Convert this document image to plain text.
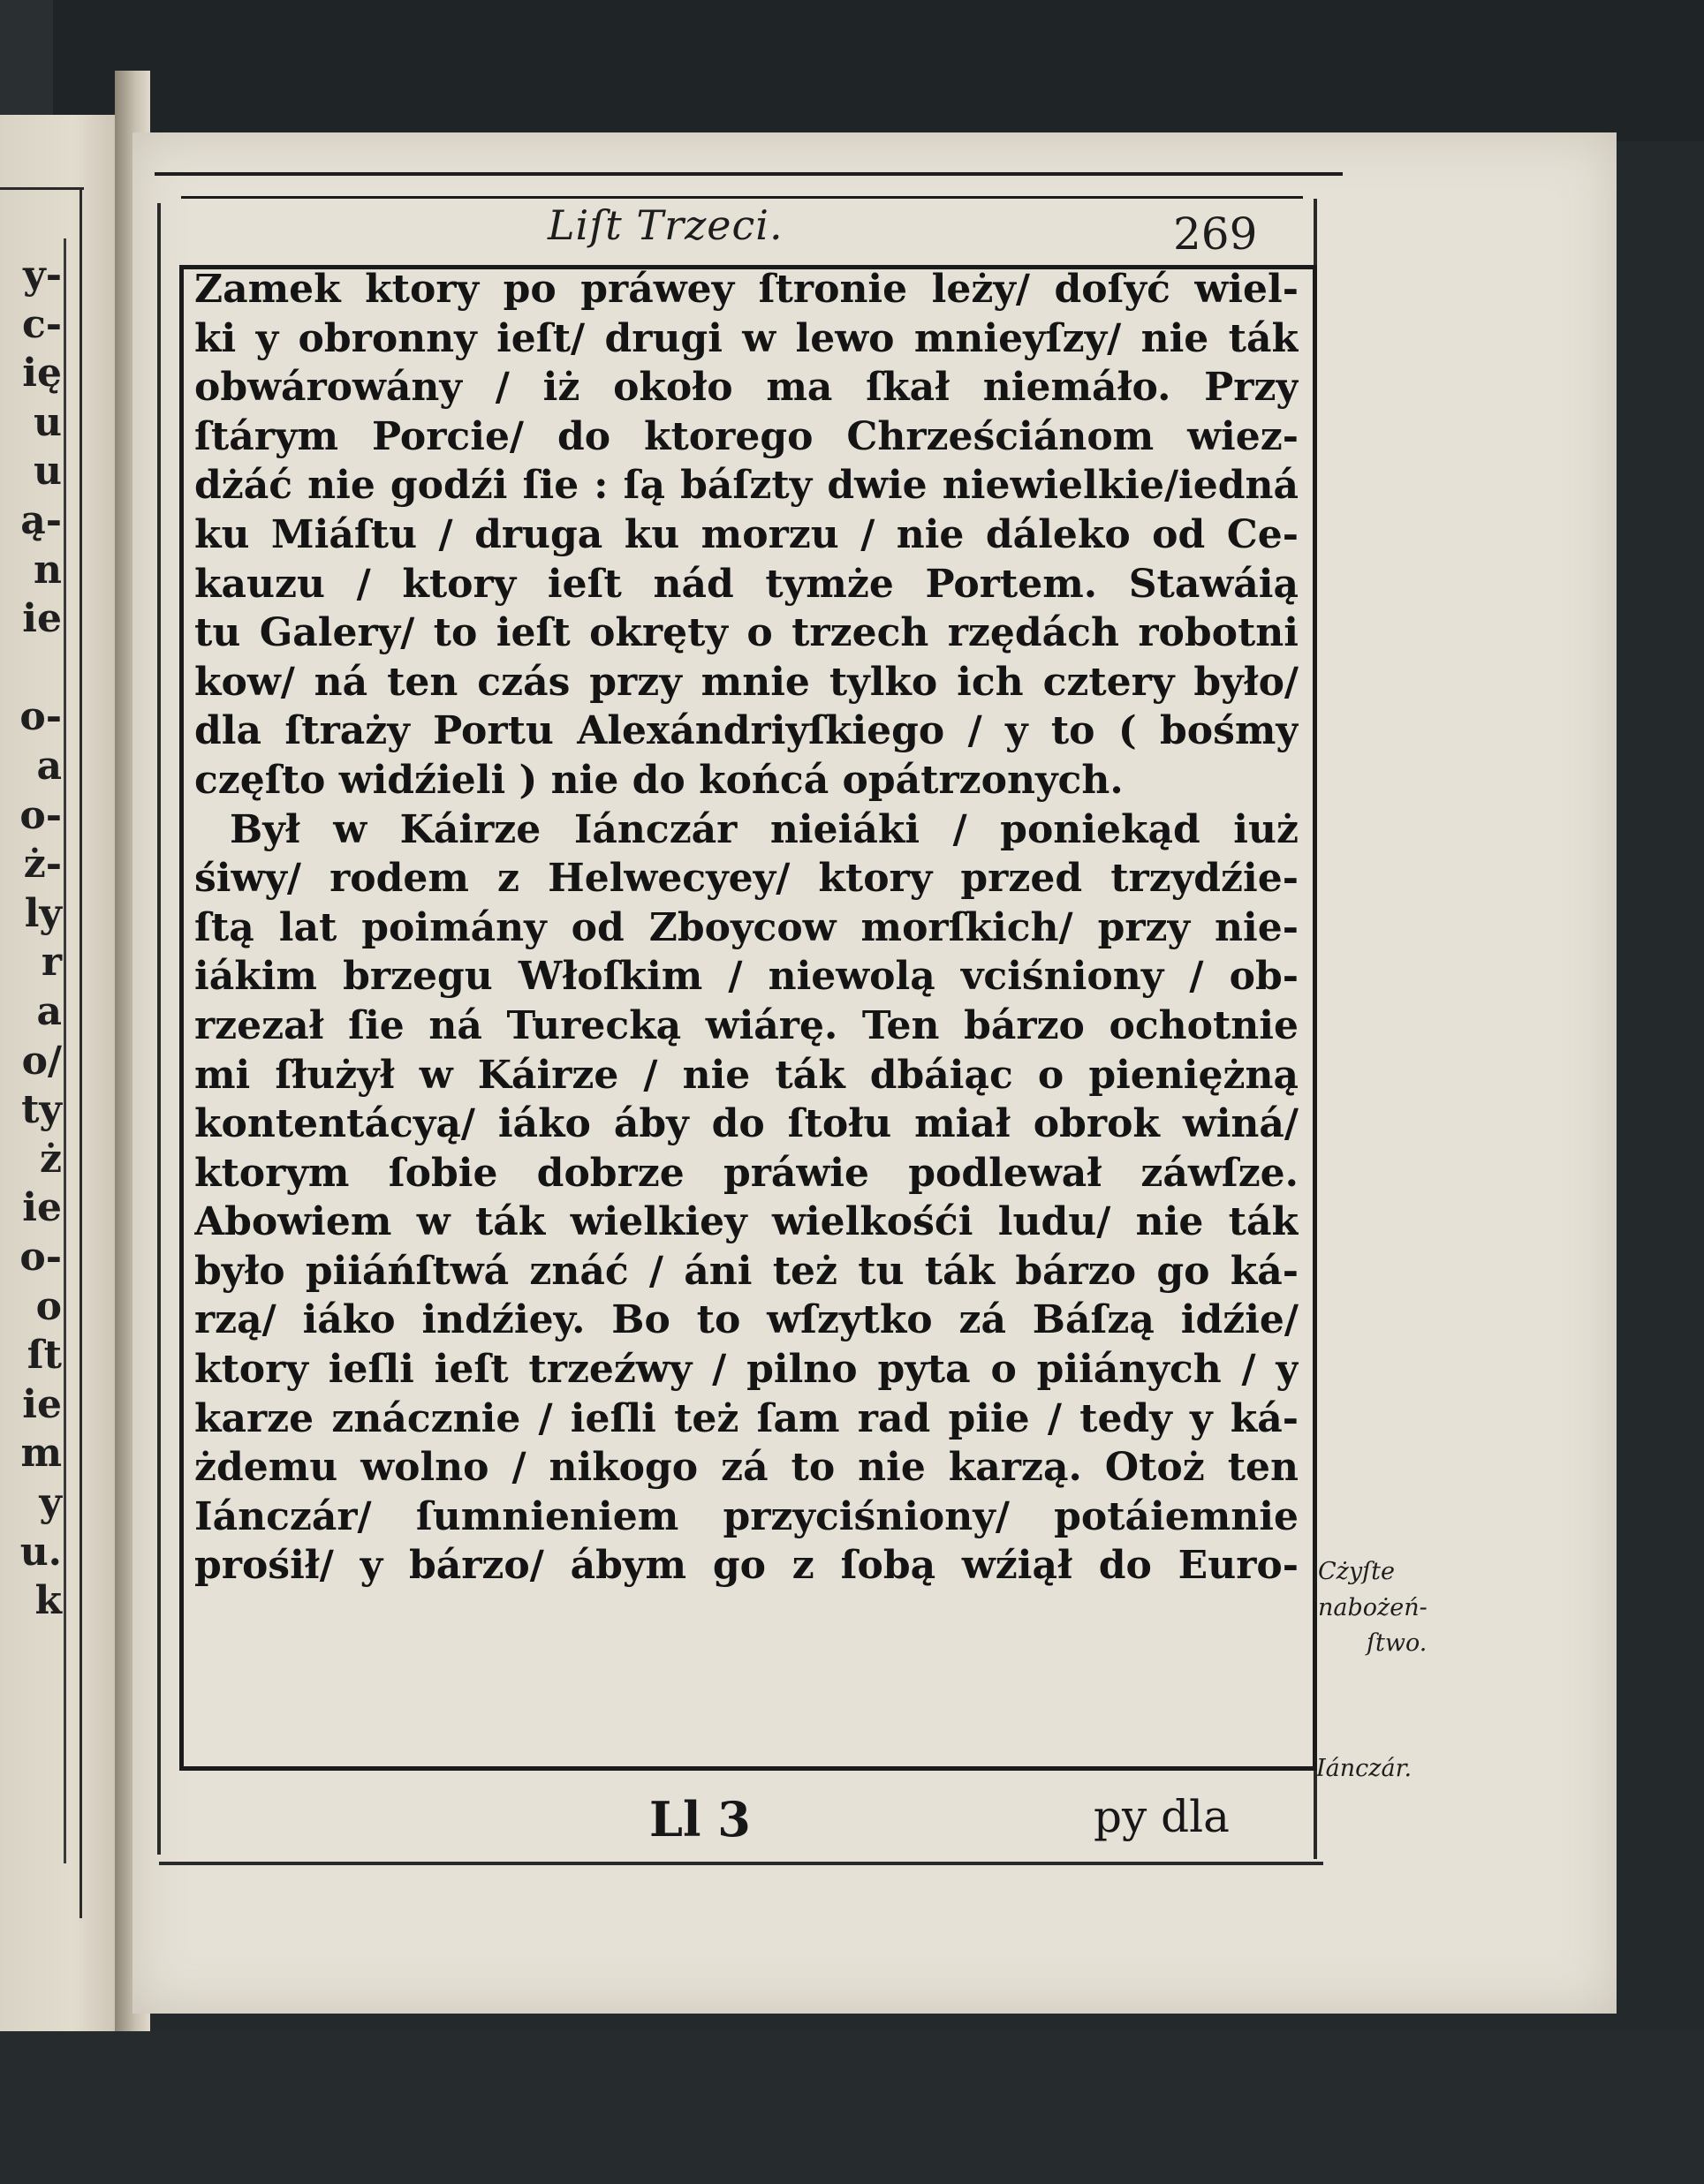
y-
c-
ię
u
u
ą-
n
ie
o-
a
o-
ż-
ly
r
a
o/
ty
ż
ie
o-
o
ſt
ie
m
y
u.
k
Liſt Trzeci.	269
Zamek ktory po práwey ſtronie leży/ doſyć wiel-
ki y obronny ieſt/ drugi w lewo mnieyſzy/ nie ták
obwárowány / iż około ma ſkał niemáło. Przy
ſtárym Porcie/ do ktorego Chrześciánom wiez-
dżáć nie godźi ſie : ſą báſzty dwie niewielkie/iedná
ku Miáſtu / druga ku morzu / nie dáleko od Ce-
kauzu / ktory ieſt nád tymże Portem. Stawáią
tu Galery/ to ieſt okręty o trzech rzędách robotni
kow/ ná ten czás przy mnie tylko ich cztery było/
dla ſtraży Portu Alexándriyſkiego / y to ( bośmy
częſto widźieli ) nie do końcá opátrzonych.
Był w Káirze Iánczár nieiáki / poniekąd iuż
śiwy/ rodem z Helwecyey/ ktory przed trzydźie-
ſtą lat poimány od Zboycow morſkich/ przy nie-
iákim brzegu Włoſkim / niewolą vciśniony / ob-
rzezał ſie ná Turecką wiárę. Ten bárzo ochotnie
mi ſłużył w Káirze / nie ták dbáiąc o pieniężną
kontentácyą/ iáko áby do ſtołu miał obrok winá/
ktorym ſobie dobrze práwie podlewał záwſze.
Abowiem w ták wielkiey wielkośći ludu/ nie ták
było piiáńſtwá znáć / áni też tu ták bárzo go ká-
rzą/ iáko indźiey. Bo to wſzytko zá Báſzą idźie/
ktory ieſli ieſt trzeźwy / pilno pyta o piiánych / y
karze znácznie / ieſli też ſam rad piie / tedy y ká-
żdemu wolno / nikogo zá to nie karzą. Otoż ten
Iánczár/ ſumnieniem przyciśniony/ potáiemnie
prośił/ y bárzo/ ábym go z ſobą wźiął do Euro-
Ll 3	py dla
Cżyſte nabożeń-
ſtwo.
Iánczár.
